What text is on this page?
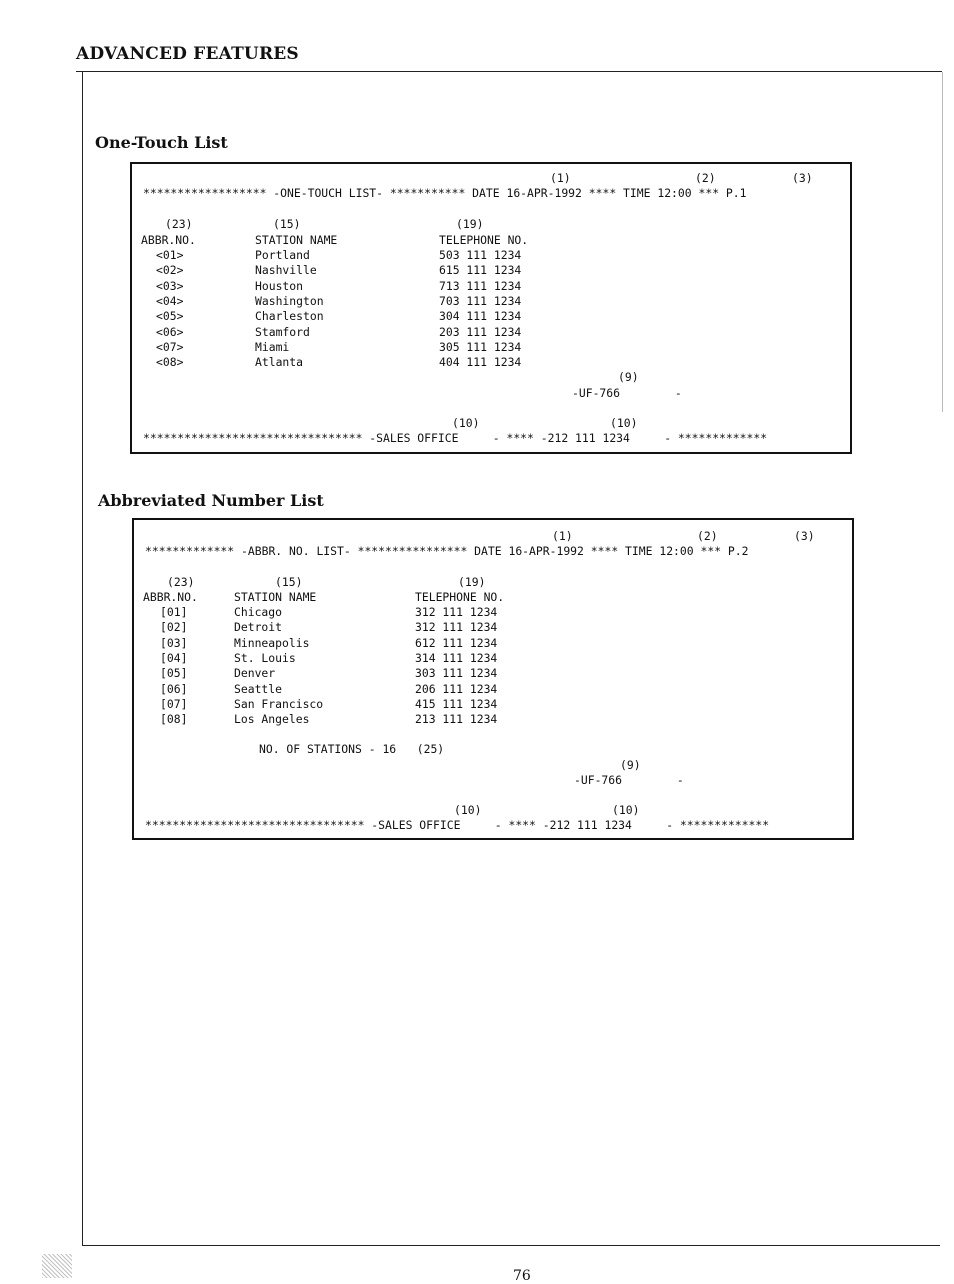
ADVANCED FEATURES
One-Touch List
(1)	(2)	(3)
****************** -ONE-TOUCH LIST- *********** DATE 16-APR-1992 **** TIME 12:00 *** P.1
(23)	(15)	(19)
ABBR.NO.	STATION NAME	TELEPHONE NO.
<01>	Portland	503 111 1234
<02>	Nashville	615 111 1234
<03>	Houston	713 111 1234
<04>	Washington	703 111 1234
<05>	Charleston	304 111 1234
<06>	Stamford	203 111 1234
<07>	Miami	305 111 1234
<08>	Atlanta	404 111 1234
(9)
-UF-766        -
(10)	(10)
******************************** -SALES OFFICE     - **** -212 111 1234     - *************
Abbreviated Number List
(1)	(2)	(3)
************* -ABBR. NO. LIST- **************** DATE 16-APR-1992 **** TIME 12:00 *** P.2
(23)	(15)	(19)
ABBR.NO.	STATION NAME	TELEPHONE NO.
[01]	Chicago	312 111 1234
[02]	Detroit	312 111 1234
[03]	Minneapolis	612 111 1234
[04]	St. Louis	314 111 1234
[05]	Denver	303 111 1234
[06]	Seattle	206 111 1234
[07]	San Francisco	415 111 1234
[08]	Los Angeles	213 111 1234
NO. OF STATIONS - 16   (25)
(9)
-UF-766        -
(10)	(10)
******************************** -SALES OFFICE     - **** -212 111 1234     - *************
76
